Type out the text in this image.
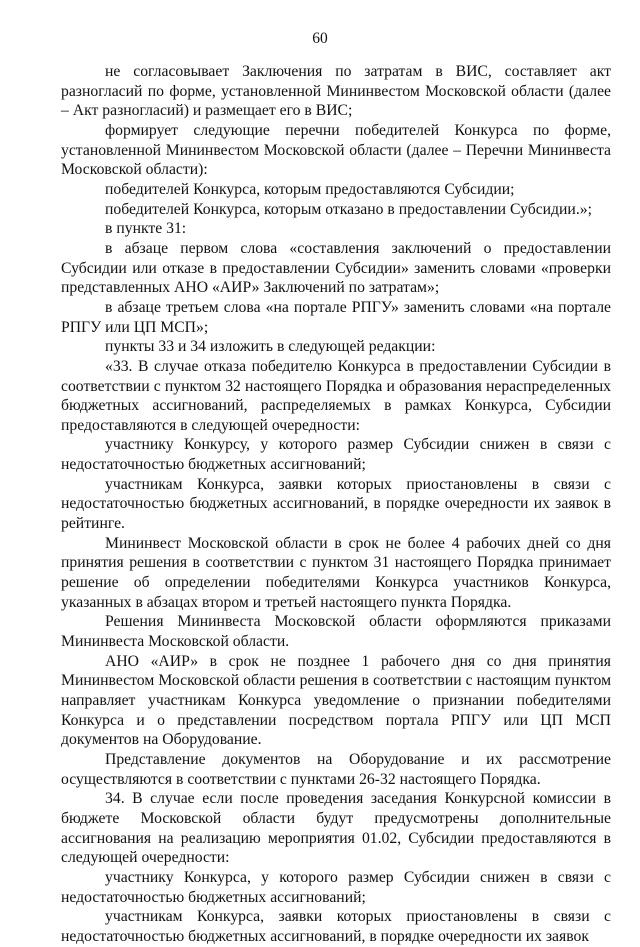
60

не согласовывает Заключения по затратам в ВИС, составляет акт разногласий по форме, установленной Мининвестом Московской области (далее – Акт разногласий) и размещает его в ВИС;

формирует следующие перечни победителей Конкурса по форме, установленной Мининвестом Московской области (далее – Перечни Мининвеста Московской области):

победителей Конкурса, которым предоставляются Субсидии;

победителей Конкурса, которым отказано в предоставлении Субсидии.»;

в пункте 31:

в абзаце первом слова «составления заключений о предоставлении Субсидии или отказе в предоставлении Субсидии» заменить словами «проверки представленных АНО «АИР» Заключений по затратам»;

в абзаце третьем слова «на портале РПГУ» заменить словами «на портале РПГУ или ЦП МСП»;

пункты 33 и 34 изложить в следующей редакции:

«33. В случае отказа победителю Конкурса в предоставлении Субсидии в соответствии с пунктом 32 настоящего Порядка и образования нераспределенных бюджетных ассигнований, распределяемых в рамках Конкурса, Субсидии предоставляются в следующей очередности:

участнику Конкурсу, у которого размер Субсидии снижен в связи с недостаточностью бюджетных ассигнований;

участникам Конкурса, заявки которых приостановлены в связи с недостаточностью бюджетных ассигнований, в порядке очередности их заявок в рейтинге.

Мининвест Московской области в срок не более 4 рабочих дней со дня принятия решения в соответствии с пунктом 31 настоящего Порядка принимает решение об определении победителями Конкурса участников Конкурса, указанных в абзацах втором и третьей настоящего пункта Порядка.

Решения Мининвеста Московской области оформляются приказами Мининвеста Московской области.

АНО «АИР» в срок не позднее 1 рабочего дня со дня принятия Мининвестом Московской области решения в соответствии с настоящим пунктом направляет участникам Конкурса уведомление о признании победителями Конкурса и о представлении посредством портала РПГУ или ЦП МСП документов на Оборудование.

Представление документов на Оборудование и их рассмотрение осуществляются в соответствии с пунктами 26-32 настоящего Порядка.

34. В случае если после проведения заседания Конкурсной комиссии в бюджете Московской области будут предусмотрены дополнительные ассигнования на реализацию мероприятия 01.02, Субсидии предоставляются в следующей очередности:

участнику Конкурса, у которого размер Субсидии снижен в связи с недостаточностью бюджетных ассигнований;

участникам Конкурса, заявки которых приостановлены в связи с недостаточностью бюджетных ассигнований, в порядке очередности их заявок
